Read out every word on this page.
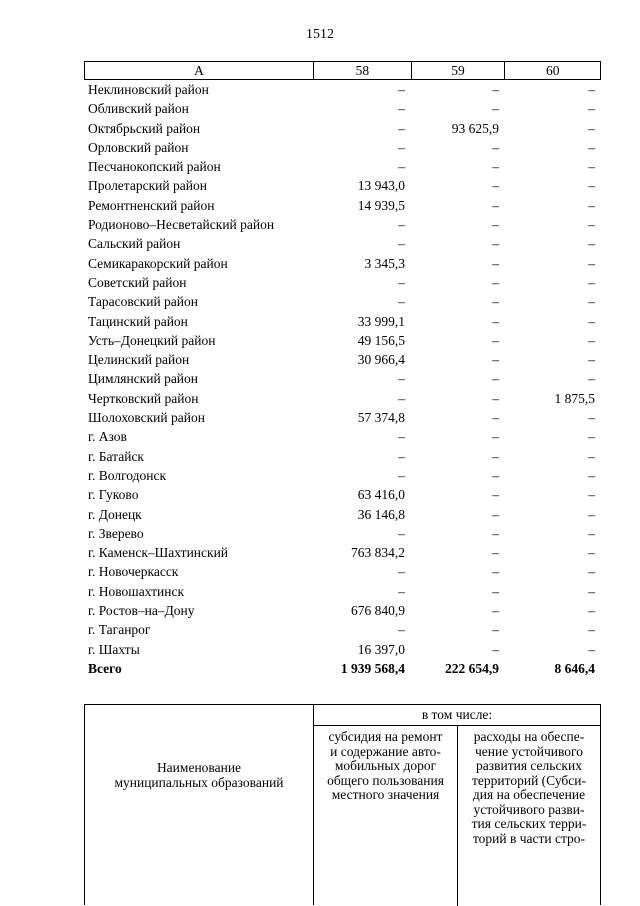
1512
А	58	59	60
Неклиновский район	–	–	–
Обливский район	–	–	–
Октябрьский район	–	93 625,9	–
Орловский район	–	–	–
Песчанокопский район	–	–	–
Пролетарский район	13 943,0	–	–
Ремонтненский район	14 939,5	–	–
Родионово–Несветайский район	–	–	–
Сальский район	–	–	–
Семикаракорский район	3 345,3	–	–
Советский район	–	–	–
Тарасовский район	–	–	–
Тацинский район	33 999,1	–	–
Усть–Донецкий район	49 156,5	–	–
Целинский район	30 966,4	–	–
Цимлянский район	–	–	–
Чертковский район	–	–	1 875,5
Шолоховский район	57 374,8	–	–
г. Азов	–	–	–
г. Батайск	–	–	–
г. Волгодонск	–	–	–
г. Гуково	63 416,0	–	–
г. Донецк	36 146,8	–	–
г. Зверево	–	–	–
г. Каменск–Шахтинский	763 834,2	–	–
г. Новочеркасск	–	–	–
г. Новошахтинск	–	–	–
г. Ростов–на–Дону	676 840,9	–	–
г. Таганрог	–	–	–
г. Шахты	16 397,0	–	–
Всего	1 939 568,4	222 654,9	8 646,4
Наименование
муниципальных образований
в том числе:
субсидия на ремонт
и содержание авто-
мобильных дорог
общего пользования
местного значения
расходы на обеспе-
чение устойчивого
развития сельских
территорий (Субси-
дия на обеспечение
устойчивого разви-
тия сельских терри-
торий в части стро-
